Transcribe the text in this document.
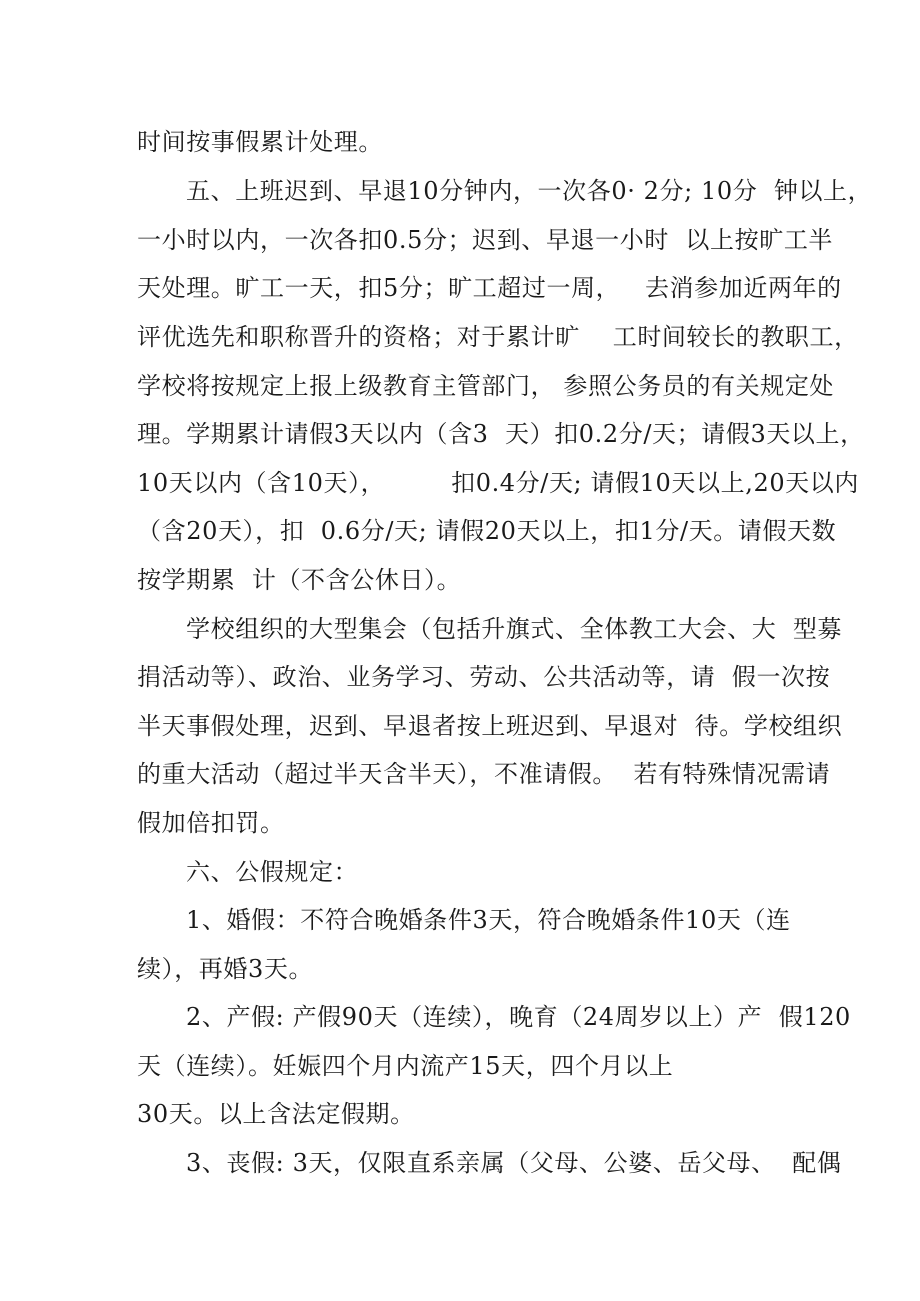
时间按事假累计处理。
五、上班迟到、早退10分钟内，一次各0· 2分; 10分  钟以上，
一小时以内，一次各扣0.5分；迟到、早退一小时  以上按旷工半
天处理。旷工一天，扣5分；旷工超过一周，   去消参加近两年的
评优选先和职称晋升的资格；对于累计旷    工时间较长的教职工，
学校将按规定上报上级教育主管部门， 参照公务员的有关规定处
理。学期累计请假3天以内（含3  天）扣0.2分/天；请假3天以上，
10天以内（含10天），        扣0.4分/天; 请假10天以上,20天以内
（含20天），扣  0.6分/天; 请假20天以上，扣1分/天。请假天数
按学期累  计（不含公休日）。
学校组织的大型集会（包括升旗式、全体教工大会、大  型募
捐活动等）、政治、业务学习、劳动、公共活动等，请  假一次按
半天事假处理，迟到、早退者按上班迟到、早退对  待。学校组织
的重大活动（超过半天含半天），不准请假。  若有特殊情况需请
假加倍扣罚。
六、公假规定：
1、婚假：不符合晚婚条件3天，符合晚婚条件10天（连
续），再婚3天。
2、产假: 产假90天（连续），晚育（24周岁以上）产  假120
天（连续）。妊娠四个月内流产15天，四个月以上
30天。以上含法定假期。
3、丧假: 3天，仅限直系亲属（父母、公婆、岳父母、  配偶
